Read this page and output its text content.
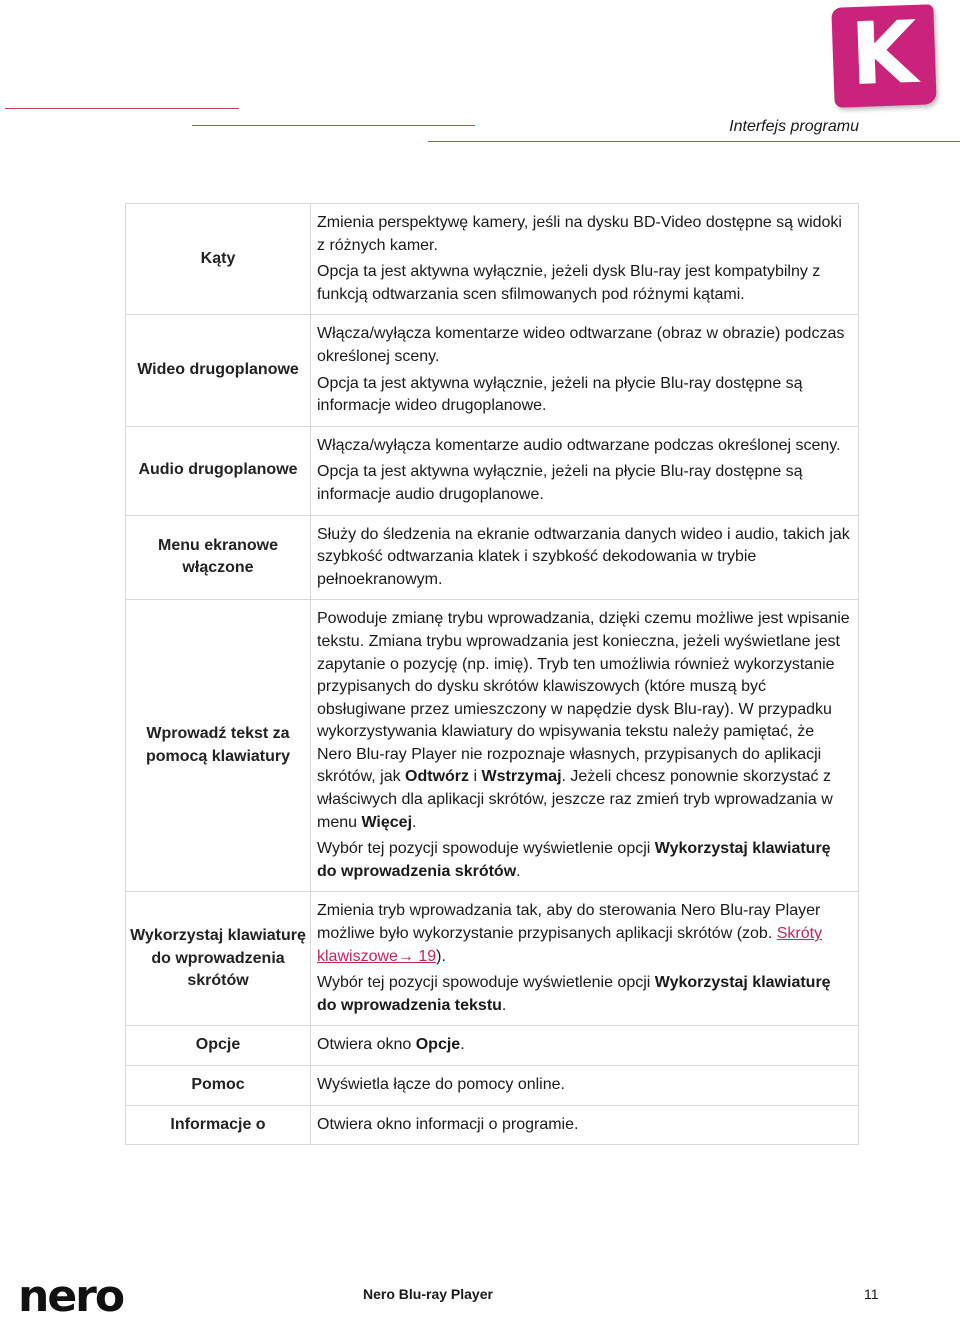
K
Interfejs programu
Kąty	Zmienia perspektywę kamery, jeśli na dysku BD-Video dostępne są widoki z różnych kamer.

Opcja ta jest aktywna wyłącznie, jeżeli dysk Blu-ray jest kompatybilny z funkcją odtwarzania scen sfilmowanych pod różnymi kątami.

Wideo drugoplanowe	Włącza/wyłącza komentarze wideo odtwarzane (obraz w obrazie) podczas określonej sceny.

Opcja ta jest aktywna wyłącznie, jeżeli na płycie Blu-ray dostępne są informacje wideo drugoplanowe.

Audio drugoplanowe	Włącza/wyłącza komentarze audio odtwarzane podczas określonej sceny.

Opcja ta jest aktywna wyłącznie, jeżeli na płycie Blu-ray dostępne są informacje audio drugoplanowe.

Menu ekranowe włączone	Służy do śledzenia na ekranie odtwarzania danych wideo i audio, takich jak szybkość odtwarzania klatek i szybkość dekodowania w trybie pełnoekranowym.

Wprowadź tekst za pomocą klawiatury	Powoduje zmianę trybu wprowadzania, dzięki czemu możliwe jest wpisanie tekstu. Zmiana trybu wprowadzania jest konieczna, jeżeli wyświetlane jest zapytanie o pozycję (np. imię). Tryb ten umożliwia również wykorzystanie przypisanych do dysku skrótów klawiszowych (które muszą być obsługiwane przez umieszczony w napędzie dysk Blu-ray). W przypadku wykorzystywania klawiatury do wpisywania tekstu należy pamiętać, że Nero Blu-ray Player nie rozpoznaje własnych, przypisanych do aplikacji skrótów, jak Odtwórz i Wstrzymaj. Jeżeli chcesz ponownie skorzystać z właściwych dla aplikacji skrótów, jeszcze raz zmień tryb wprowadzania w menu Więcej.

Wybór tej pozycji spowoduje wyświetlenie opcji Wykorzystaj klawiaturę do wprowadzenia skrótów.

Wykorzystaj klawiaturę do wprowadzenia skrótów	Zmienia tryb wprowadzania tak, aby do sterowania Nero Blu-ray Player możliwe było wykorzystanie przypisanych aplikacji skrótów (zob. Skróty klawiszowe→ 19).

Wybór tej pozycji spowoduje wyświetlenie opcji Wykorzystaj klawiaturę do wprowadzenia tekstu.

Opcje	Otwiera okno Opcje.

Pomoc	Wyświetla łącze do pomocy online.

Informacje o	Otwiera okno informacji o programie.

nero	Nero Blu-ray Player	11
